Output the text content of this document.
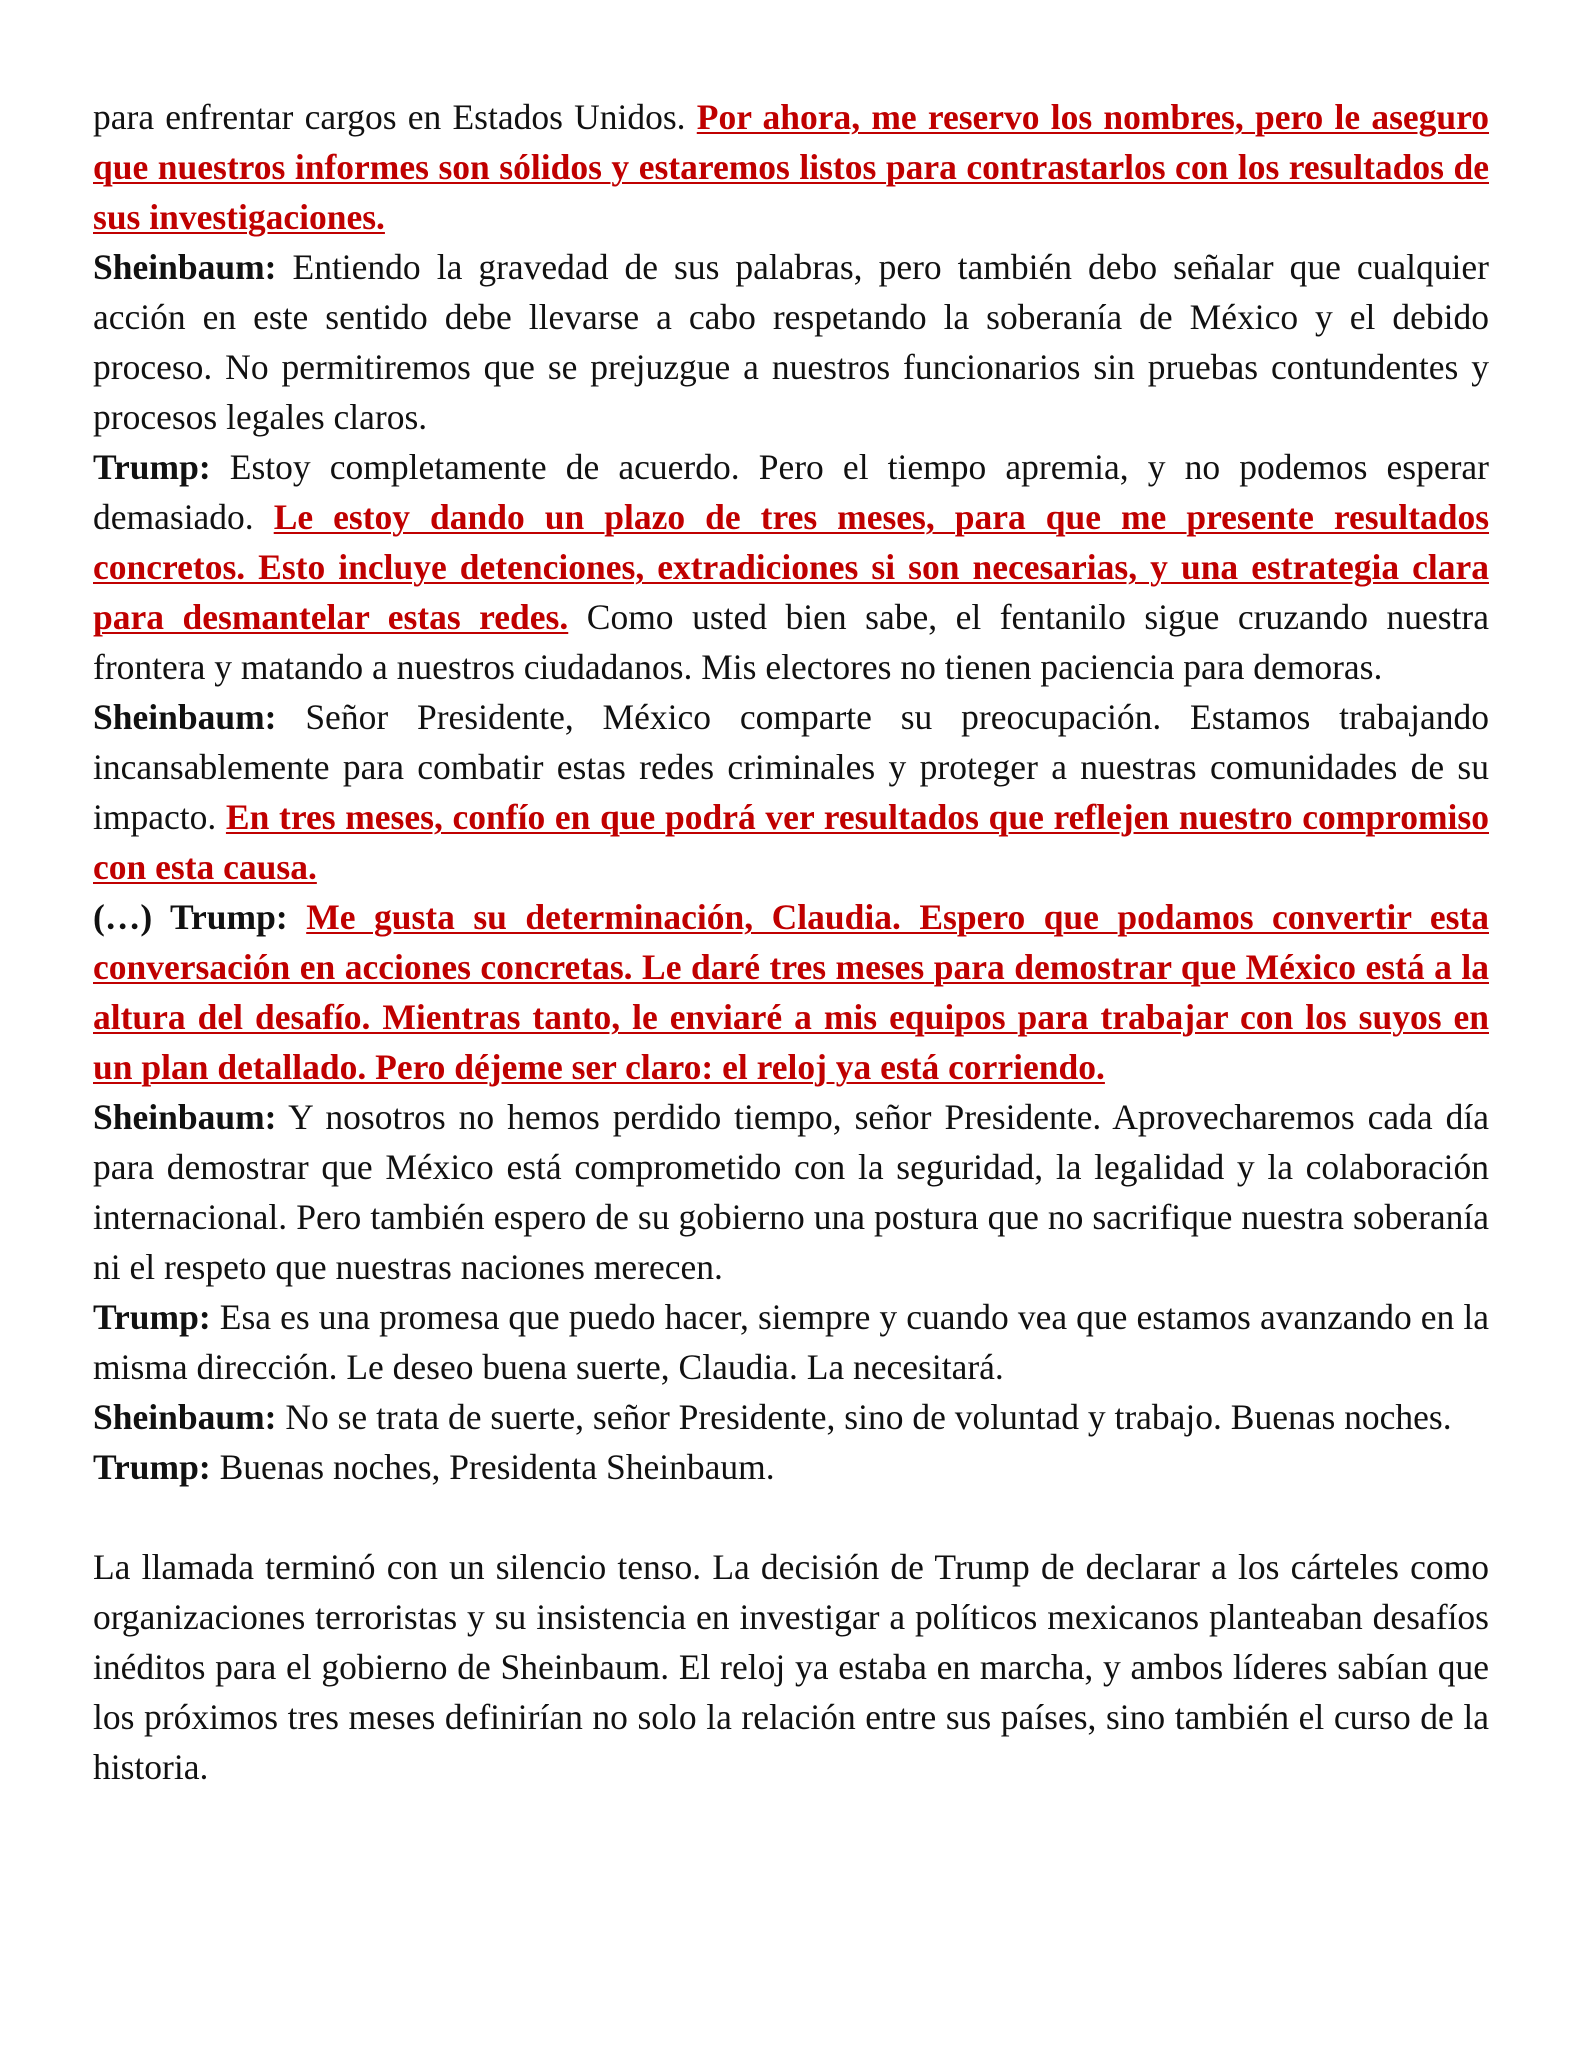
para enfrentar cargos en Estados Unidos. Por ahora, me reservo los nombres, pero le aseguro que nuestros informes son sólidos y estaremos listos para contrastarlos con los resultados de sus investigaciones.

Sheinbaum: Entiendo la gravedad de sus palabras, pero también debo señalar que cualquier acción en este sentido debe llevarse a cabo respetando la soberanía de México y el debido proceso. No permitiremos que se prejuzgue a nuestros funcionarios sin pruebas contundentes y procesos legales claros.

Trump: Estoy completamente de acuerdo. Pero el tiempo apremia, y no podemos esperar demasiado. Le estoy dando un plazo de tres meses, para que me presente resultados concretos. Esto incluye detenciones, extradiciones si son necesarias, y una estrategia clara para desmantelar estas redes. Como usted bien sabe, el fentanilo sigue cruzando nuestra frontera y matando a nuestros ciudadanos. Mis electores no tienen paciencia para demoras.

Sheinbaum: Señor Presidente, México comparte su preocupación. Estamos trabajando incansablemente para combatir estas redes criminales y proteger a nuestras comunidades de su impacto. En tres meses, confío en que podrá ver resultados que reflejen nuestro compromiso con esta causa.

(…) Trump: Me gusta su determinación, Claudia. Espero que podamos convertir esta conversación en acciones concretas. Le daré tres meses para demostrar que México está a la altura del desafío. Mientras tanto, le enviaré a mis equipos para trabajar con los suyos en un plan detallado. Pero déjeme ser claro: el reloj ya está corriendo.

Sheinbaum: Y nosotros no hemos perdido tiempo, señor Presidente. Aprovecharemos cada día para demostrar que México está comprometido con la seguridad, la legalidad y la colaboración internacional. Pero también espero de su gobierno una postura que no sacrifique nuestra soberanía ni el respeto que nuestras naciones merecen.

Trump: Esa es una promesa que puedo hacer, siempre y cuando vea que estamos avanzando en la misma dirección. Le deseo buena suerte, Claudia. La necesitará.

Sheinbaum: No se trata de suerte, señor Presidente, sino de voluntad y trabajo. Buenas noches.

Trump: Buenas noches, Presidenta Sheinbaum.

La llamada terminó con un silencio tenso. La decisión de Trump de declarar a los cárteles como organizaciones terroristas y su insistencia en investigar a políticos mexicanos planteaban desafíos inéditos para el gobierno de Sheinbaum. El reloj ya estaba en marcha, y ambos líderes sabían que los próximos tres meses definirían no solo la relación entre sus países, sino también el curso de la historia.
